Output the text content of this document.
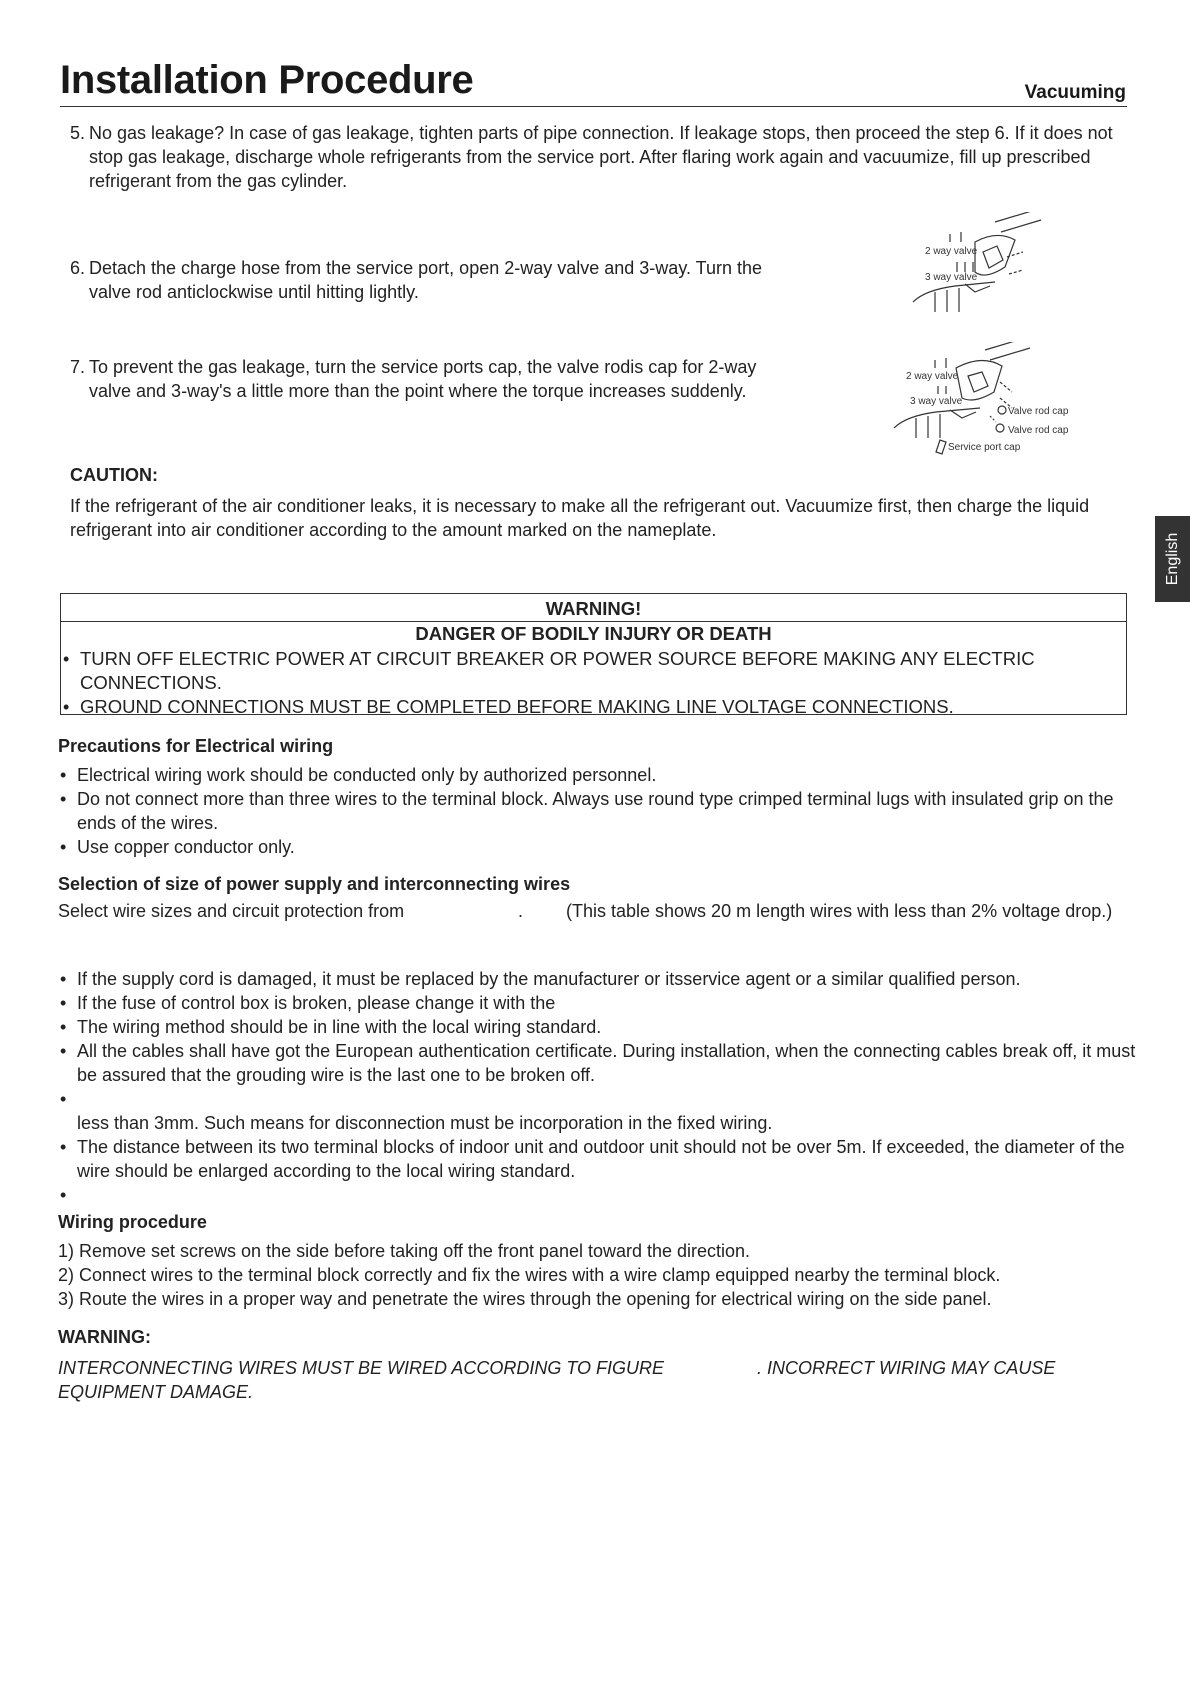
Installation Procedure	Vacuuming
5. No gas leakage? In case of gas leakage, tighten parts of pipe connection. If leakage stops, then proceed the step 6. If it does not stop gas leakage, discharge whole refrigerants from the service port. After flaring work again and vacuumize, fill up prescribed refrigerant from the gas cylinder.
6. Detach the charge hose from the service port, open 2-way valve and 3-way. Turn the valve rod anticlockwise until hitting lightly.
7. To prevent the gas leakage, turn the service ports cap, the valve rodis cap for 2-way valve and 3-way's a little more than the point where the torque increases suddenly.
2 way valve
3 way valve
2 way valve
3 way valve
Valve rod cap
Valve rod cap
Service port cap
CAUTION:
If the refrigerant of the air conditioner leaks, it is necessary to make all the refrigerant out. Vacuumize first, then charge the liquid refrigerant into air conditioner according to the amount marked on the nameplate.
WARNING!
DANGER OF BODILY INJURY OR DEATH
• TURN OFF ELECTRIC POWER AT CIRCUIT BREAKER OR POWER SOURCE BEFORE MAKING ANY ELECTRIC CONNECTIONS.
• GROUND CONNECTIONS MUST BE COMPLETED BEFORE MAKING LINE VOLTAGE CONNECTIONS.
Precautions for Electrical wiring
• Electrical wiring work should be conducted only by authorized personnel.
• Do not connect more than three wires to the terminal block. Always use round type crimped terminal lugs with insulated grip on the ends of the wires.
• Use copper conductor only.
Selection of size of power supply and interconnecting wires
Select wire sizes and circuit protection from	. (This table shows 20 m length wires with less than 2% voltage drop.)
• If the supply cord is damaged, it must be replaced by the manufacturer or itsservice agent or a similar qualified person.
• If the fuse of control box is broken, please change it with the
• The wiring method should be in line with the local wiring standard.
• All the cables shall have got the European authentication certificate. During installation, when the connecting cables break off, it must be assured that the grouding wire is the last one to be broken off.
•
less than 3mm. Such means for disconnection must be incorporation in the fixed wiring.
• The distance between its two terminal blocks of indoor unit and outdoor unit should not be over 5m. If exceeded, the diameter of the wire should be enlarged according to the local wiring standard.
•
Wiring procedure
1) Remove set screws on the side before taking off the front panel toward the direction.
2) Connect wires to the terminal block correctly and fix the wires with a wire clamp equipped nearby the terminal block.
3) Route the wires in a proper way and penetrate the wires through the opening for electrical wiring on the side panel.
WARNING:
INTERCONNECTING WIRES MUST BE WIRED ACCORDING TO FIGURE	. INCORRECT WIRING MAY CAUSE
EQUIPMENT DAMAGE.
English
